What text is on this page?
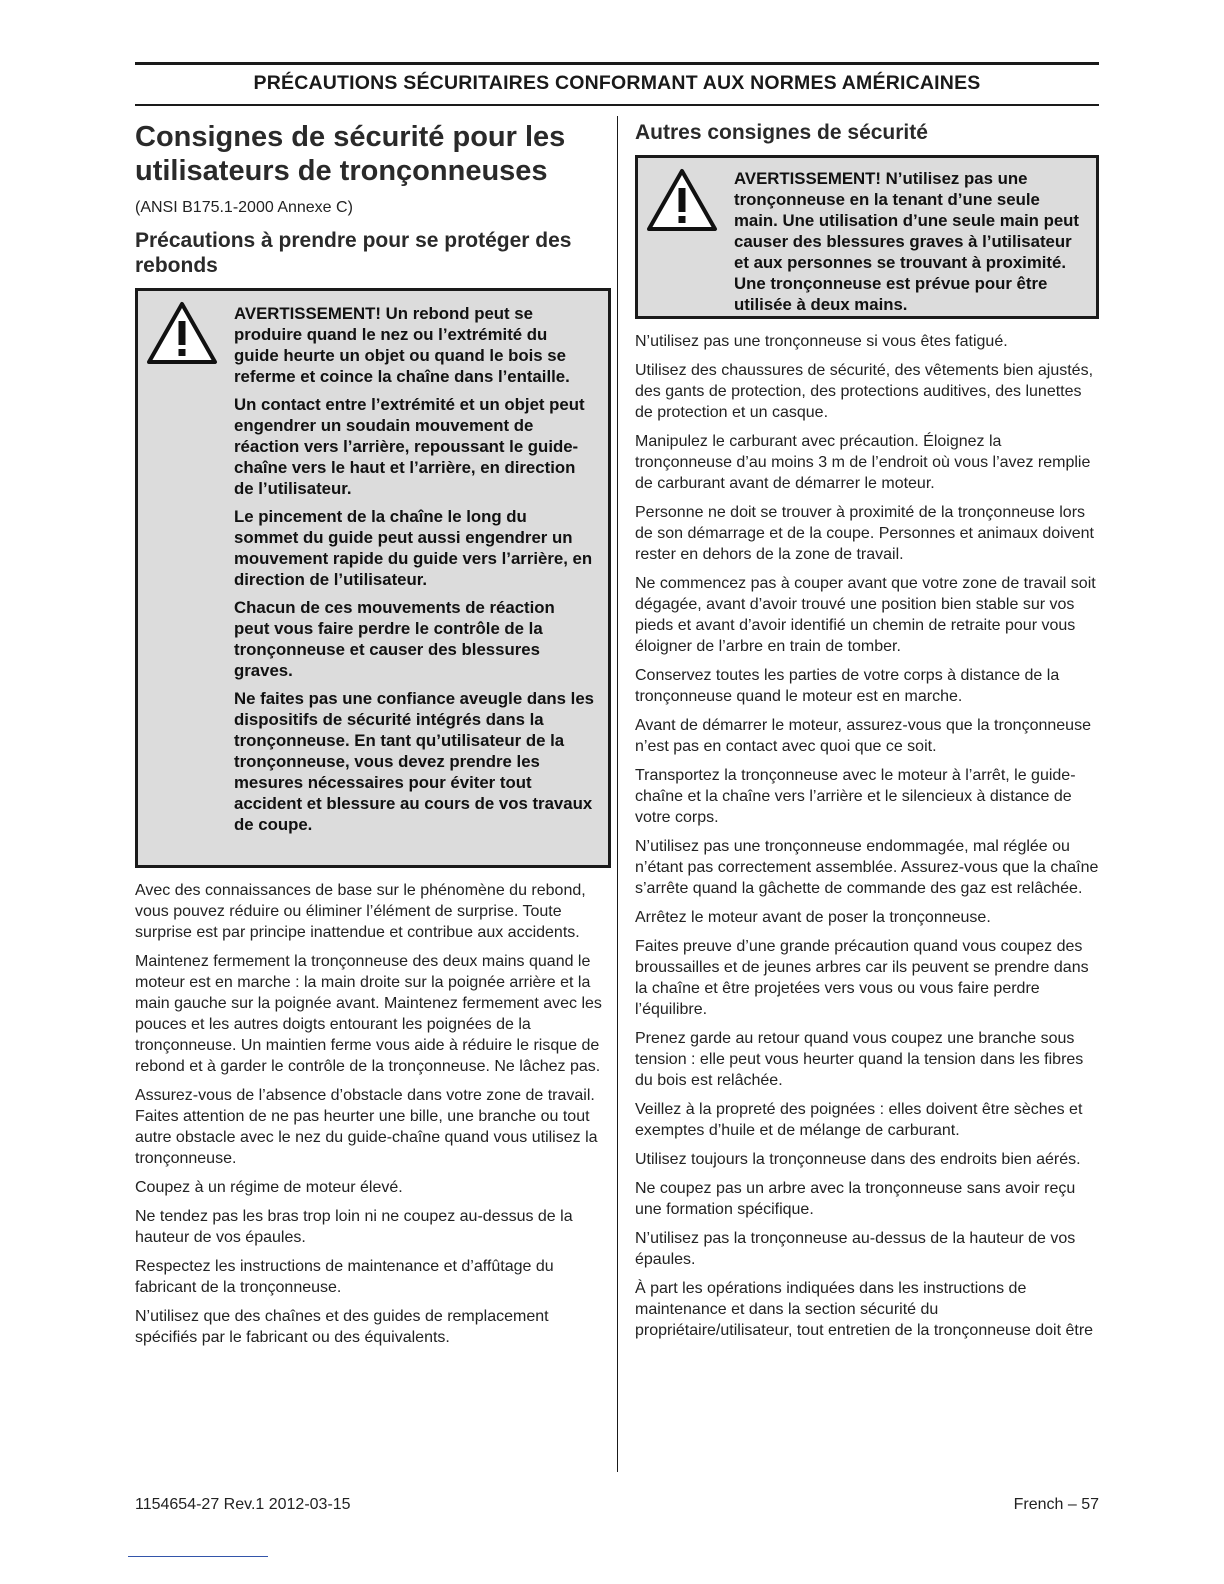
PRÉCAUTIONS SÉCURITAIRES CONFORMANT AUX NORMES AMÉRICAINES
Consignes de sécurité pour les utilisateurs de tronçonneuses
(ANSI B175.1-2000 Annexe C)
Précautions à prendre pour se protéger des rebonds

AVERTISSEMENT! Un rebond peut se produire quand le nez ou l’extrémité du guide heurte un objet ou quand le bois se referme et coince la chaîne dans l’entaille.

Un contact entre l’extrémité et un objet peut engendrer un soudain mouvement de réaction vers l’arrière, repoussant le guide-chaîne vers le haut et l’arrière, en direction de l’utilisateur.

Le pincement de la chaîne le long du sommet du guide peut aussi engendrer un mouvement rapide du guide vers l’arrière, en direction de l’utilisateur.

Chacun de ces mouvements de réaction peut vous faire perdre le contrôle de la tronçonneuse et causer des blessures graves.

Ne faites pas une confiance aveugle dans les dispositifs de sécurité intégrés dans la tronçonneuse. En tant qu’utilisateur de la tronçonneuse, vous devez prendre les mesures nécessaires pour éviter tout accident et blessure au cours de vos travaux de coupe.

Avec des connaissances de base sur le phénomène du rebond, vous pouvez réduire ou éliminer l’élément de surprise. Toute surprise est par principe inattendue et contribue aux accidents.

Maintenez fermement la tronçonneuse des deux mains quand le moteur est en marche : la main droite sur la poignée arrière et la main gauche sur la poignée avant. Maintenez fermement avec les pouces et les autres doigts entourant les poignées de la tronçonneuse. Un maintien ferme vous aide à réduire le risque de rebond et à garder le contrôle de la tronçonneuse. Ne lâchez pas.

Assurez-vous de l’absence d’obstacle dans votre zone de travail. Faites attention de ne pas heurter une bille, une branche ou tout autre obstacle avec le nez du guide-chaîne quand vous utilisez la tronçonneuse.

Coupez à un régime de moteur élevé.

Ne tendez pas les bras trop loin ni ne coupez au-dessus de la hauteur de vos épaules.

Respectez les instructions de maintenance et d’affûtage du fabricant de la tronçonneuse.

N’utilisez que des chaînes et des guides de remplacement spécifiés par le fabricant ou des équivalents.

Autres consignes de sécurité

AVERTISSEMENT! N’utilisez pas une tronçonneuse en la tenant d’une seule main. Une utilisation d’une seule main peut causer des blessures graves à l’utilisateur et aux personnes se trouvant à proximité. Une tronçonneuse est prévue pour être utilisée à deux mains.

N’utilisez pas une tronçonneuse si vous êtes fatigué.

Utilisez des chaussures de sécurité, des vêtements bien ajustés, des gants de protection, des protections auditives, des lunettes de protection et un casque.

Manipulez le carburant avec précaution. Éloignez la tronçonneuse d’au moins 3 m de l’endroit où vous l’avez remplie de carburant avant de démarrer le moteur.

Personne ne doit se trouver à proximité de la tronçonneuse lors de son démarrage et de la coupe. Personnes et animaux doivent rester en dehors de la zone de travail.

Ne commencez pas à couper avant que votre zone de travail soit dégagée, avant d’avoir trouvé une position bien stable sur vos pieds et avant d’avoir identifié un chemin de retraite pour vous éloigner de l’arbre en train de tomber.

Conservez toutes les parties de votre corps à distance de la tronçonneuse quand le moteur est en marche.

Avant de démarrer le moteur, assurez-vous que la tronçonneuse n’est pas en contact avec quoi que ce soit.

Transportez la tronçonneuse avec le moteur à l’arrêt, le guide-chaîne et la chaîne vers l’arrière et le silencieux à distance de votre corps.

N’utilisez pas une tronçonneuse endommagée, mal réglée ou n’étant pas correctement assemblée. Assurez-vous que la chaîne s’arrête quand la gâchette de commande des gaz est relâchée.

Arrêtez le moteur avant de poser la tronçonneuse.

Faites preuve d’une grande précaution quand vous coupez des broussailles et de jeunes arbres car ils peuvent se prendre dans la chaîne et être projetées vers vous ou vous faire perdre l’équilibre.

Prenez garde au retour quand vous coupez une branche sous tension : elle peut vous heurter quand la tension dans les fibres du bois est relâchée.

Veillez à la propreté des poignées : elles doivent être sèches et exemptes d’huile et de mélange de carburant.

Utilisez toujours la tronçonneuse dans des endroits bien aérés.

Ne coupez pas un arbre avec la tronçonneuse sans avoir reçu une formation spécifique.

N’utilisez pas la tronçonneuse au-dessus de la hauteur de vos épaules.

À part les opérations indiquées dans les instructions de maintenance et dans la section sécurité du propriétaire/utilisateur, tout entretien de la tronçonneuse doit être

1154654-27 Rev.1 2012-03-15	French – 57
